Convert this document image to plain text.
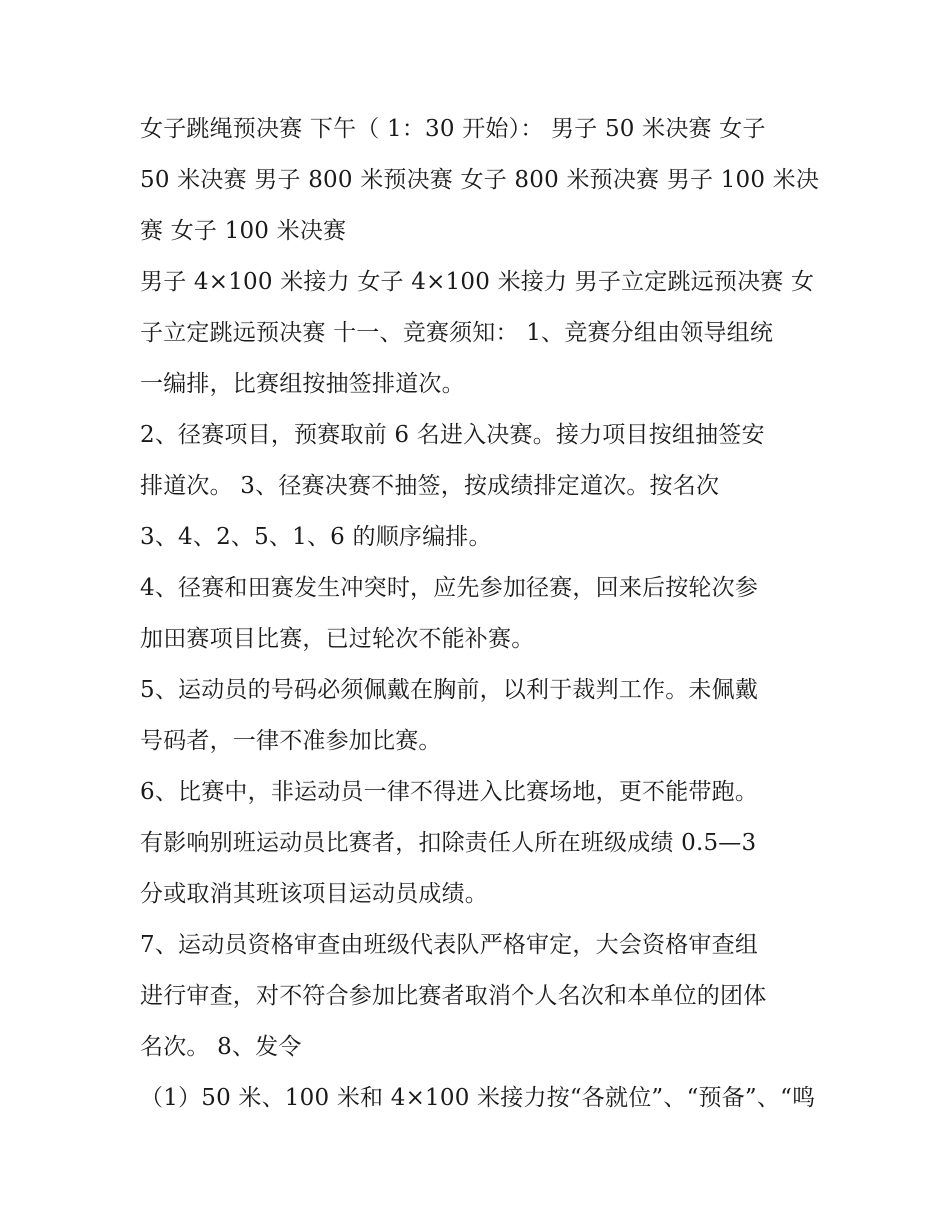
女子跳绳预决赛 下午（ 1：30 开始）： 男子 50 米决赛 女子
50 米决赛 男子 800 米预决赛 女子 800 米预决赛 男子 100 米决
赛 女子 100 米决赛
男子 4×100 米接力 女子 4×100 米接力 男子立定跳远预决赛 女
子立定跳远预决赛 十一、竞赛须知： 1、竞赛分组由领导组统
一编排，比赛组按抽签排道次。
2、径赛项目，预赛取前 6 名进入决赛。接力项目按组抽签安
排道次。 3、径赛决赛不抽签，按成绩排定道次。按名次
3、4、2、5、1、6 的顺序编排。
4、径赛和田赛发生冲突时，应先参加径赛，回来后按轮次参
加田赛项目比赛，已过轮次不能补赛。
5、运动员的号码必须佩戴在胸前，以利于裁判工作。未佩戴
号码者，一律不准参加比赛。
6、比赛中，非运动员一律不得进入比赛场地，更不能带跑。
有影响别班运动员比赛者，扣除责任人所在班级成绩 0.5—3
分或取消其班该项目运动员成绩。
7、运动员资格审查由班级代表队严格审定，大会资格审查组
进行审查，对不符合参加比赛者取消个人名次和本单位的团体
名次。 8、发令
（1）50 米、100 米和 4×100 米接力按“各就位”、“预备”、“鸣
